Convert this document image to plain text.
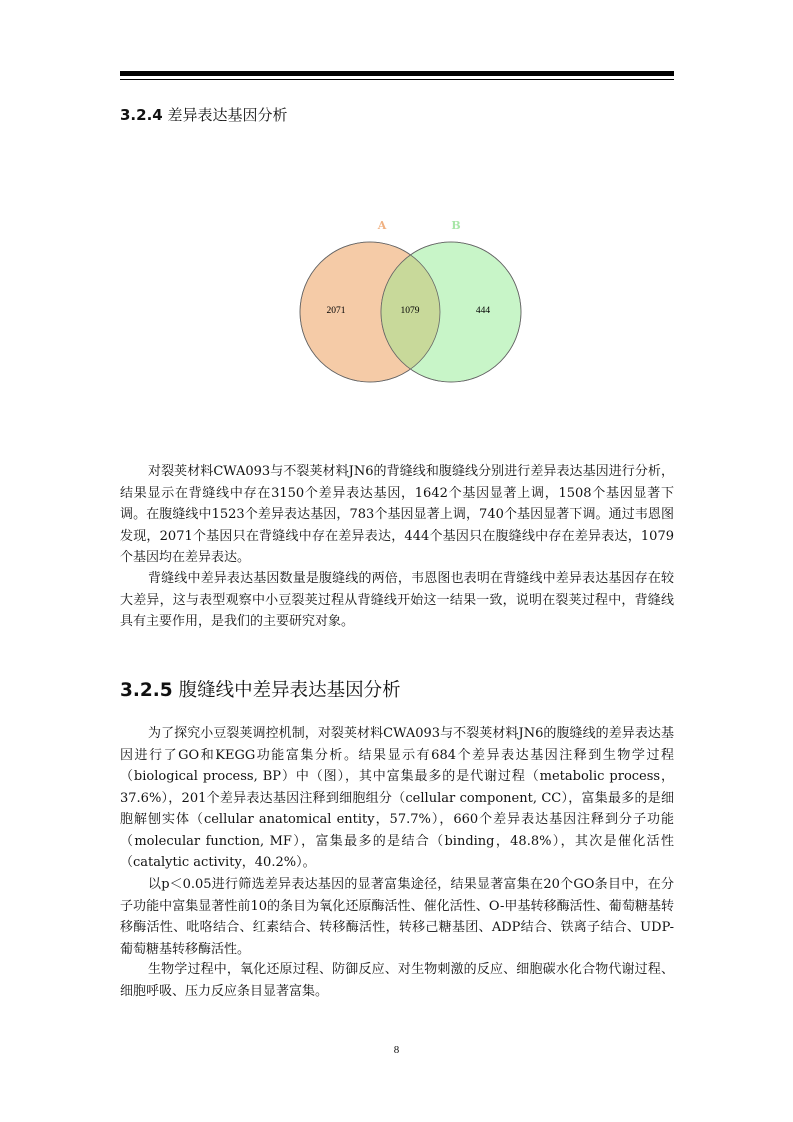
3.2.4 差异表达基因分析
A	B
2071	1079	444

对裂荚材料CWA093与不裂荚材料JN6的背缝线和腹缝线分别进行差异表达基因进行分析，结果显示在背缝线中存在3150个差异表达基因，1642个基因显著上调，1508个基因显著下调。在腹缝线中1523个差异表达基因，783个基因显著上调，740个基因显著下调。通过韦恩图发现，2071个基因只在背缝线中存在差异表达，444个基因只在腹缝线中存在差异表达，1079个基因均在差异表达。

背缝线中差异表达基因数量是腹缝线的两倍，韦恩图也表明在背缝线中差异表达基因存在较大差异，这与表型观察中小豆裂荚过程从背缝线开始这一结果一致，说明在裂荚过程中，背缝线具有主要作用，是我们的主要研究对象。

3.2.5 腹缝线中差异表达基因分析

为了探究小豆裂荚调控机制，对裂荚材料CWA093与不裂荚材料JN6的腹缝线的差异表达基因进行了GO和KEGG功能富集分析。结果显示有684个差异表达基因注释到生物学过程（biological process, BP）中（图），其中富集最多的是代谢过程（metabolic process，37.6%），201个差异表达基因注释到细胞组分（cellular component, CC），富集最多的是细胞解刨实体（cellular anatomical entity，57.7%），660个差异表达基因注释到分子功能（molecular function, MF），富集最多的是结合（binding，48.8%），其次是催化活性（catalytic activity，40.2%）。

以p＜0.05进行筛选差异表达基因的显著富集途径，结果显著富集在20个GO条目中，在分子功能中富集显著性前10的条目为氧化还原酶活性、催化活性、O-甲基转移酶活性、葡萄糖基转移酶活性、吡咯结合、红素结合、转移酶活性，转移己糖基团、ADP结合、铁离子结合、UDP-葡萄糖基转移酶活性。

生物学过程中，氧化还原过程、防御反应、对生物刺激的反应、细胞碳水化合物代谢过程、细胞呼吸、压力反应条目显著富集。

8
